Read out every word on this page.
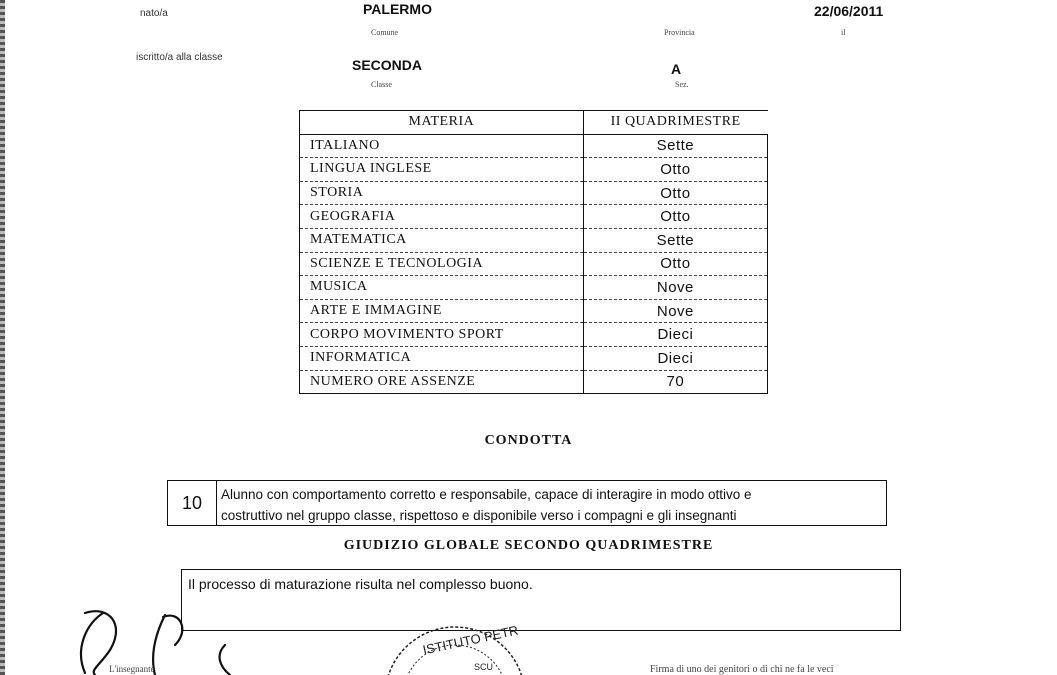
nato/a	PALERMO
Comune	Provincia
22/06/2011
il
iscritto/a alla classe	SECONDA
Classe
A
Sez.
MATERIA	II QUADRIMESTRE
ITALIANO	Sette
LINGUA INGLESE	Otto
STORIA	Otto
GEOGRAFIA	Otto
MATEMATICA	Sette
SCIENZE E TECNOLOGIA	Otto
MUSICA	Nove
ARTE E IMMAGINE	Nove
CORPO MOVIMENTO SPORT	Dieci
INFORMATICA	Dieci
NUMERO ORE ASSENZE	70
CONDOTTA
10	Alunno con comportamento corretto e responsabile, capace di interagire in modo ottivo e
costruttivo nel gruppo classe, rispettoso e disponibile verso i compagni e gli insegnanti
GIUDIZIO GLOBALE SECONDO QUADRIMESTRE
Il processo di maturazione risulta nel complesso buono.
L'insegnante
ISTITUTO PETR
SCU	Firma di uno dei genitori o di chi ne fa le veci
